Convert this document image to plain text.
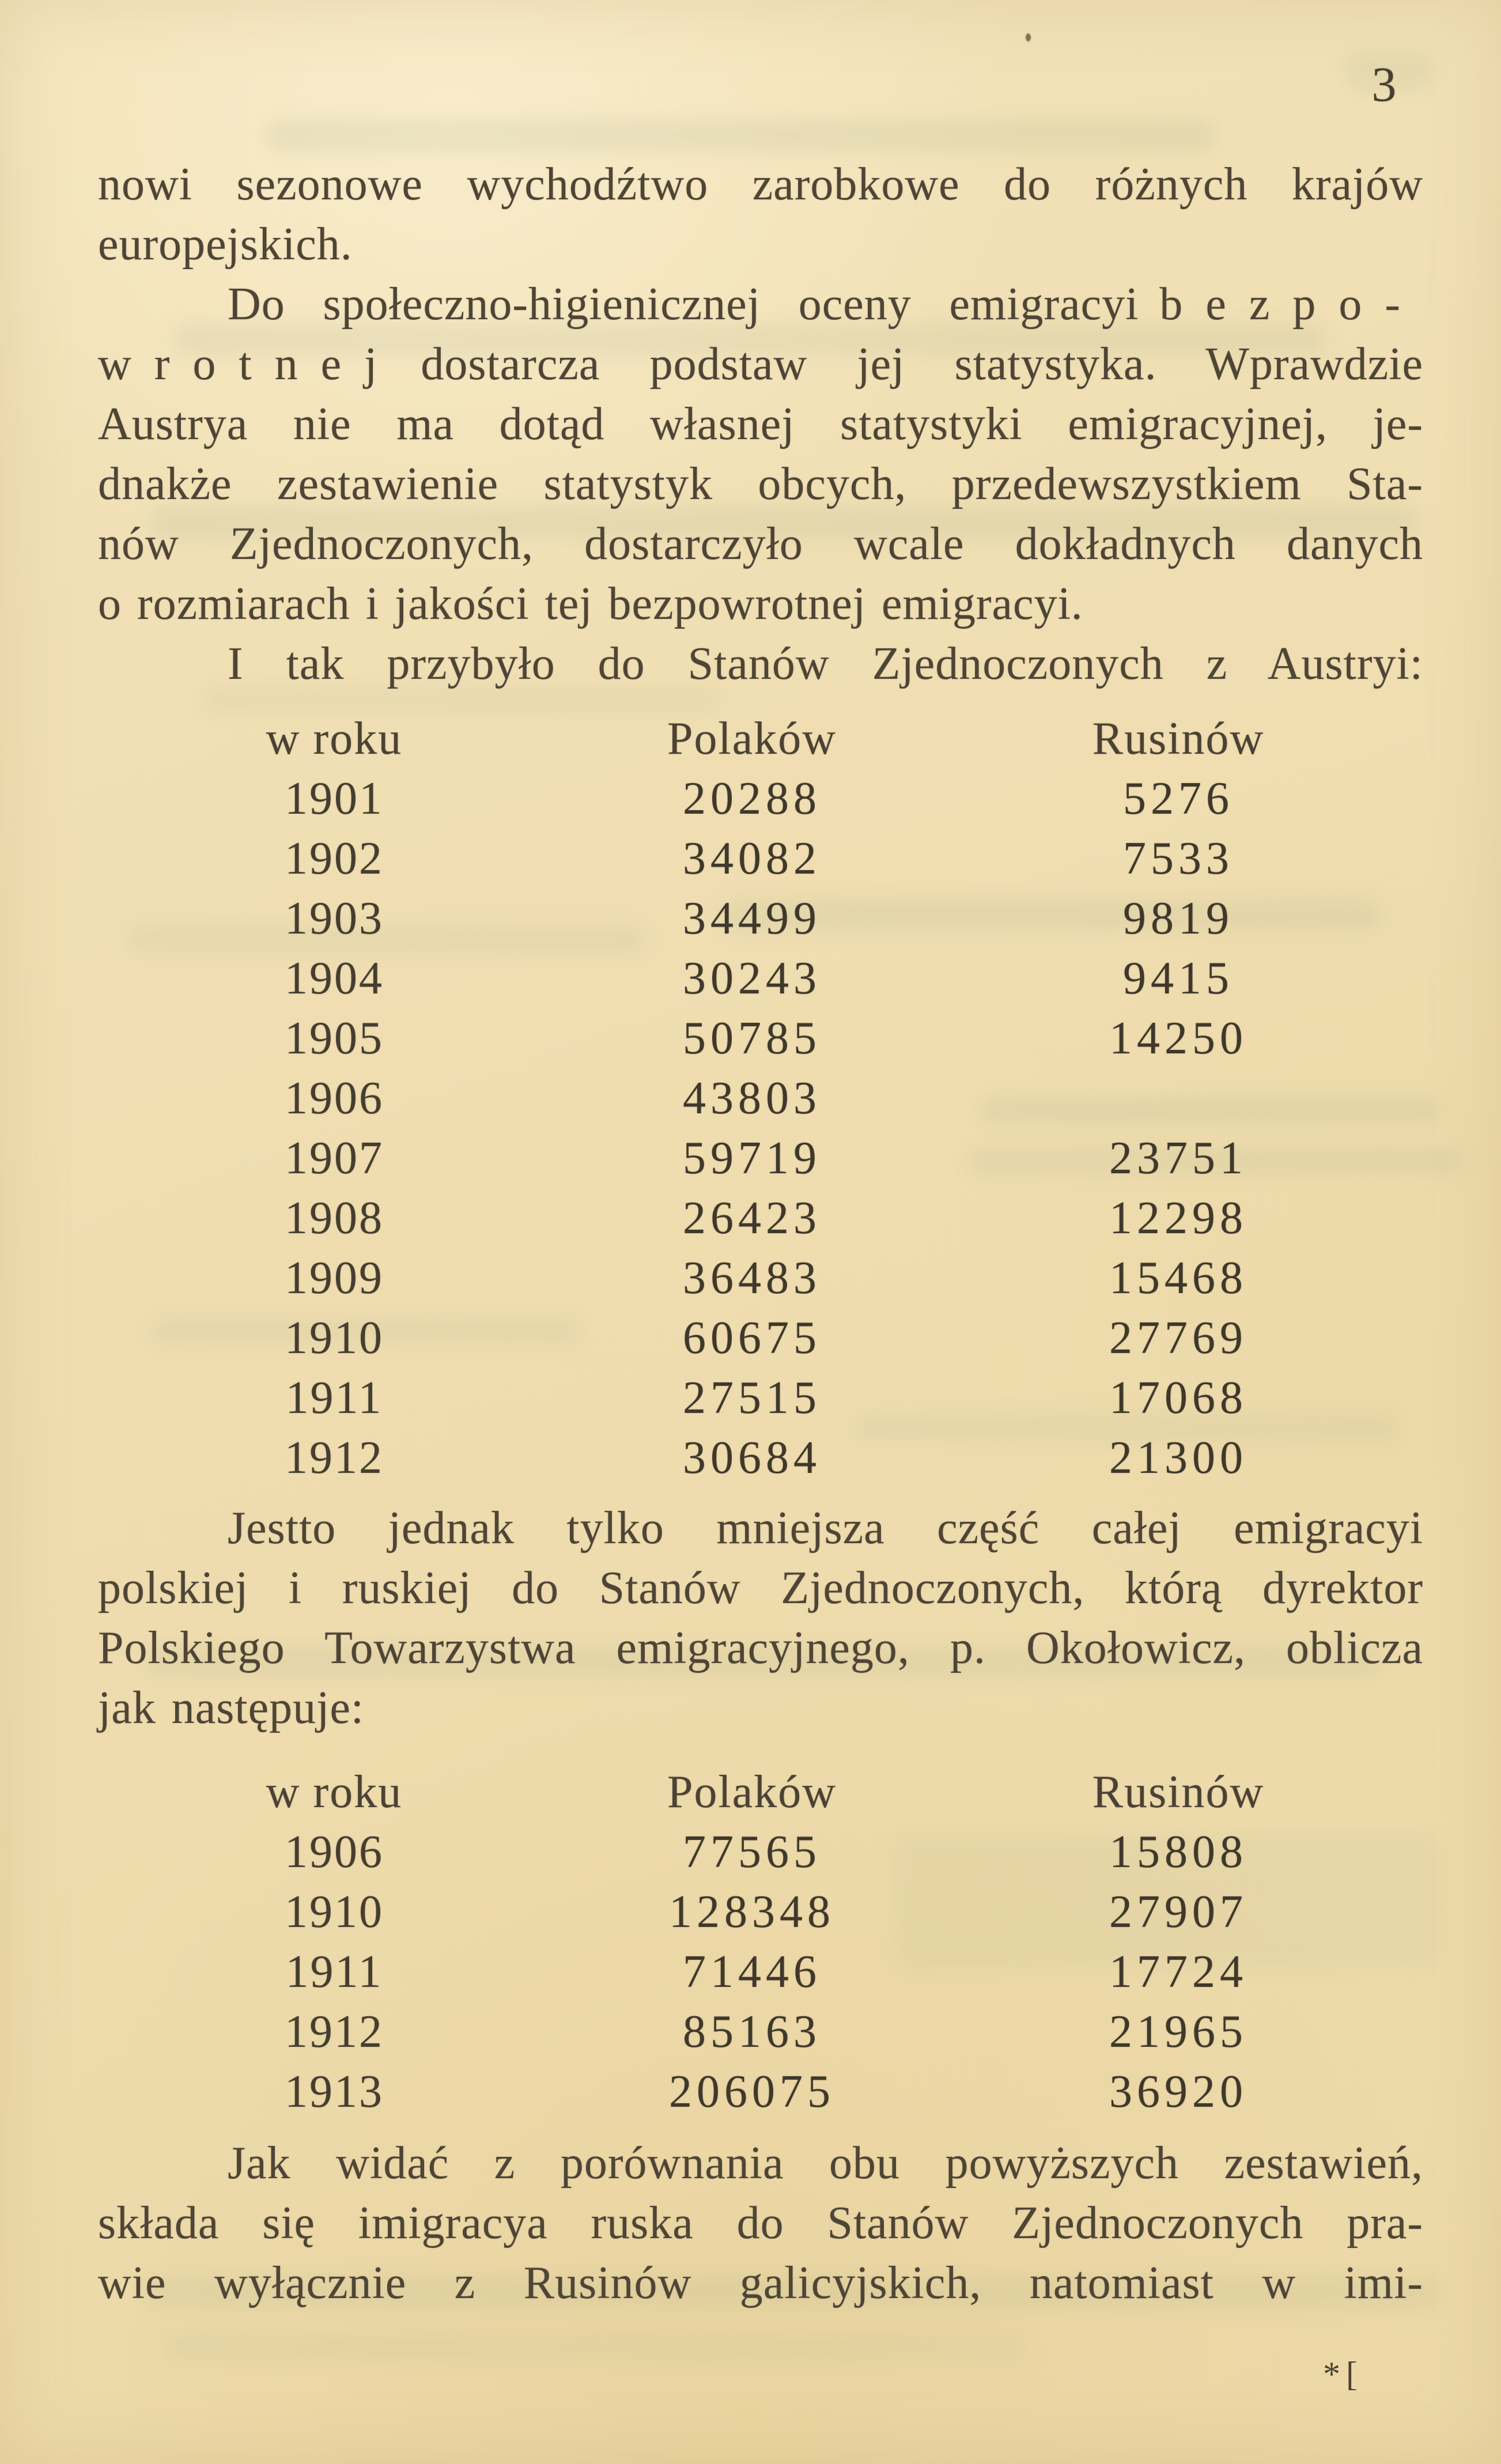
3
nowi sezonowe wychodźtwo zarobkowe do różnych krajów
europejskich.
Do społeczno-higienicznej oceny emigracyi bezpo-
wrotnej dostarcza podstaw jej statystyka. Wprawdzie
Austrya nie ma dotąd własnej statystyki emigracyjnej, je-
dnakże zestawienie statystyk obcych, przedewszystkiem Sta-
nów Zjednoczonych, dostarczyło wcale dokładnych danych
o rozmiarach i jakości tej bezpowrotnej emigracyi.
I tak przybyło do Stanów Zjednoczonych z Austryi:
w roku	Polaków	Rusinów
1901	20288	5276
1902	34082	7533
1903	34499	9819
1904	30243	9415
1905	50785	14250
1906	43803
1907	59719	23751
1908	26423	12298
1909	36483	15468
1910	60675	27769
1911	27515	17068
1912	30684	21300
Jestto jednak tylko mniejsza część całej emigracyi
polskiej i ruskiej do Stanów Zjednoczonych, którą dyrektor
Polskiego Towarzystwa emigracyjnego, p. Okołowicz, oblicza
jak następuje:
w roku	Polaków	Rusinów
1906	77565	15808
1910	128348	27907
1911	71446	17724
1912	85163	21965
1913	206075	36920
Jak widać z porównania obu powyższych zestawień,
składa się imigracya ruska do Stanów Zjednoczonych pra-
wie wyłącznie z Rusinów galicyjskich, natomiast w imi-
*[
